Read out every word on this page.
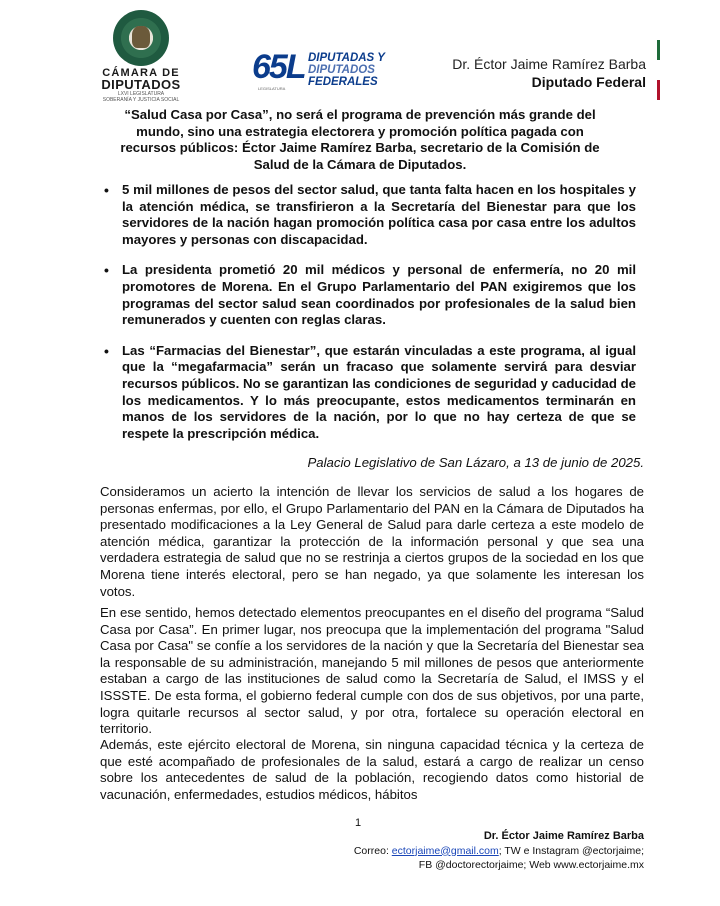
CÁMARA DE
DIPUTADOS
LXVI LEGISLATURA
SOBERANÍA Y JUSTICIA SOCIAL
65L
LEGISLATURA
DIPUTADAS Y
DIPUTADOS
FEDERALES
Dr. Éctor Jaime Ramírez Barba
Diputado Federal
“Salud Casa por Casa”, no será el programa de prevención más grande del mundo, sino una estrategia electorera y promoción política pagada con recursos públicos: Éctor Jaime Ramírez Barba, secretario de la Comisión de Salud de la Cámara de Diputados.
• 5 mil millones de pesos del sector salud, que tanta falta hacen en los hospitales y la atención médica, se transfirieron a la Secretaría del Bienestar para que los servidores de la nación hagan promoción política casa por casa entre los adultos mayores y personas con discapacidad.
• La presidenta prometió 20 mil médicos y personal de enfermería, no 20 mil promotores de Morena. En el Grupo Parlamentario del PAN exigiremos que los programas del sector salud sean coordinados por profesionales de la salud bien remunerados y cuenten con reglas claras.
• Las “Farmacias del Bienestar”, que estarán vinculadas a este programa, al igual que la “megafarmacia” serán un fracaso que solamente servirá para desviar recursos públicos. No se garantizan las condiciones de seguridad y caducidad de los medicamentos. Y lo más preocupante, estos medicamentos terminarán en manos de los servidores de la nación, por lo que no hay certeza de que se respete la prescripción médica.
Palacio Legislativo de San Lázaro, a 13 de junio de 2025.
Consideramos un acierto la intención de llevar los servicios de salud a los hogares de personas enfermas, por ello, el Grupo Parlamentario del PAN en la Cámara de Diputados ha presentado modificaciones a la Ley General de Salud para darle certeza a este modelo de atención médica, garantizar la protección de la información personal y que sea una verdadera estrategia de salud que no se restrinja a ciertos grupos de la sociedad en los que Morena tiene interés electoral, pero se han negado, ya que solamente les interesan los votos.
En ese sentido, hemos detectado elementos preocupantes en el diseño del programa “Salud Casa por Casa”. En primer lugar, nos preocupa que la implementación del programa "Salud Casa por Casa" se confíe a los servidores de la nación y que la Secretaría del Bienestar sea la responsable de su administración, manejando 5 mil millones de pesos que anteriormente estaban a cargo de las instituciones de salud como la Secretaría de Salud, el IMSS y el ISSSTE. De esta forma, el gobierno federal cumple con dos de sus objetivos, por una parte, logra quitarle recursos al sector salud, y por otra, fortalece su operación electoral en territorio.
Además, este ejército electoral de Morena, sin ninguna capacidad técnica y la certeza de que esté acompañado de profesionales de la salud, estará a cargo de realizar un censo sobre los antecedentes de salud de la población, recogiendo datos como historial de vacunación, enfermedades, estudios médicos, hábitos
1
Dr. Éctor Jaime Ramírez Barba
Correo: ectorjaime@gmail.com; TW e Instagram @ectorjaime;
FB @doctorectorjaime; Web www.ectorjaime.mx
